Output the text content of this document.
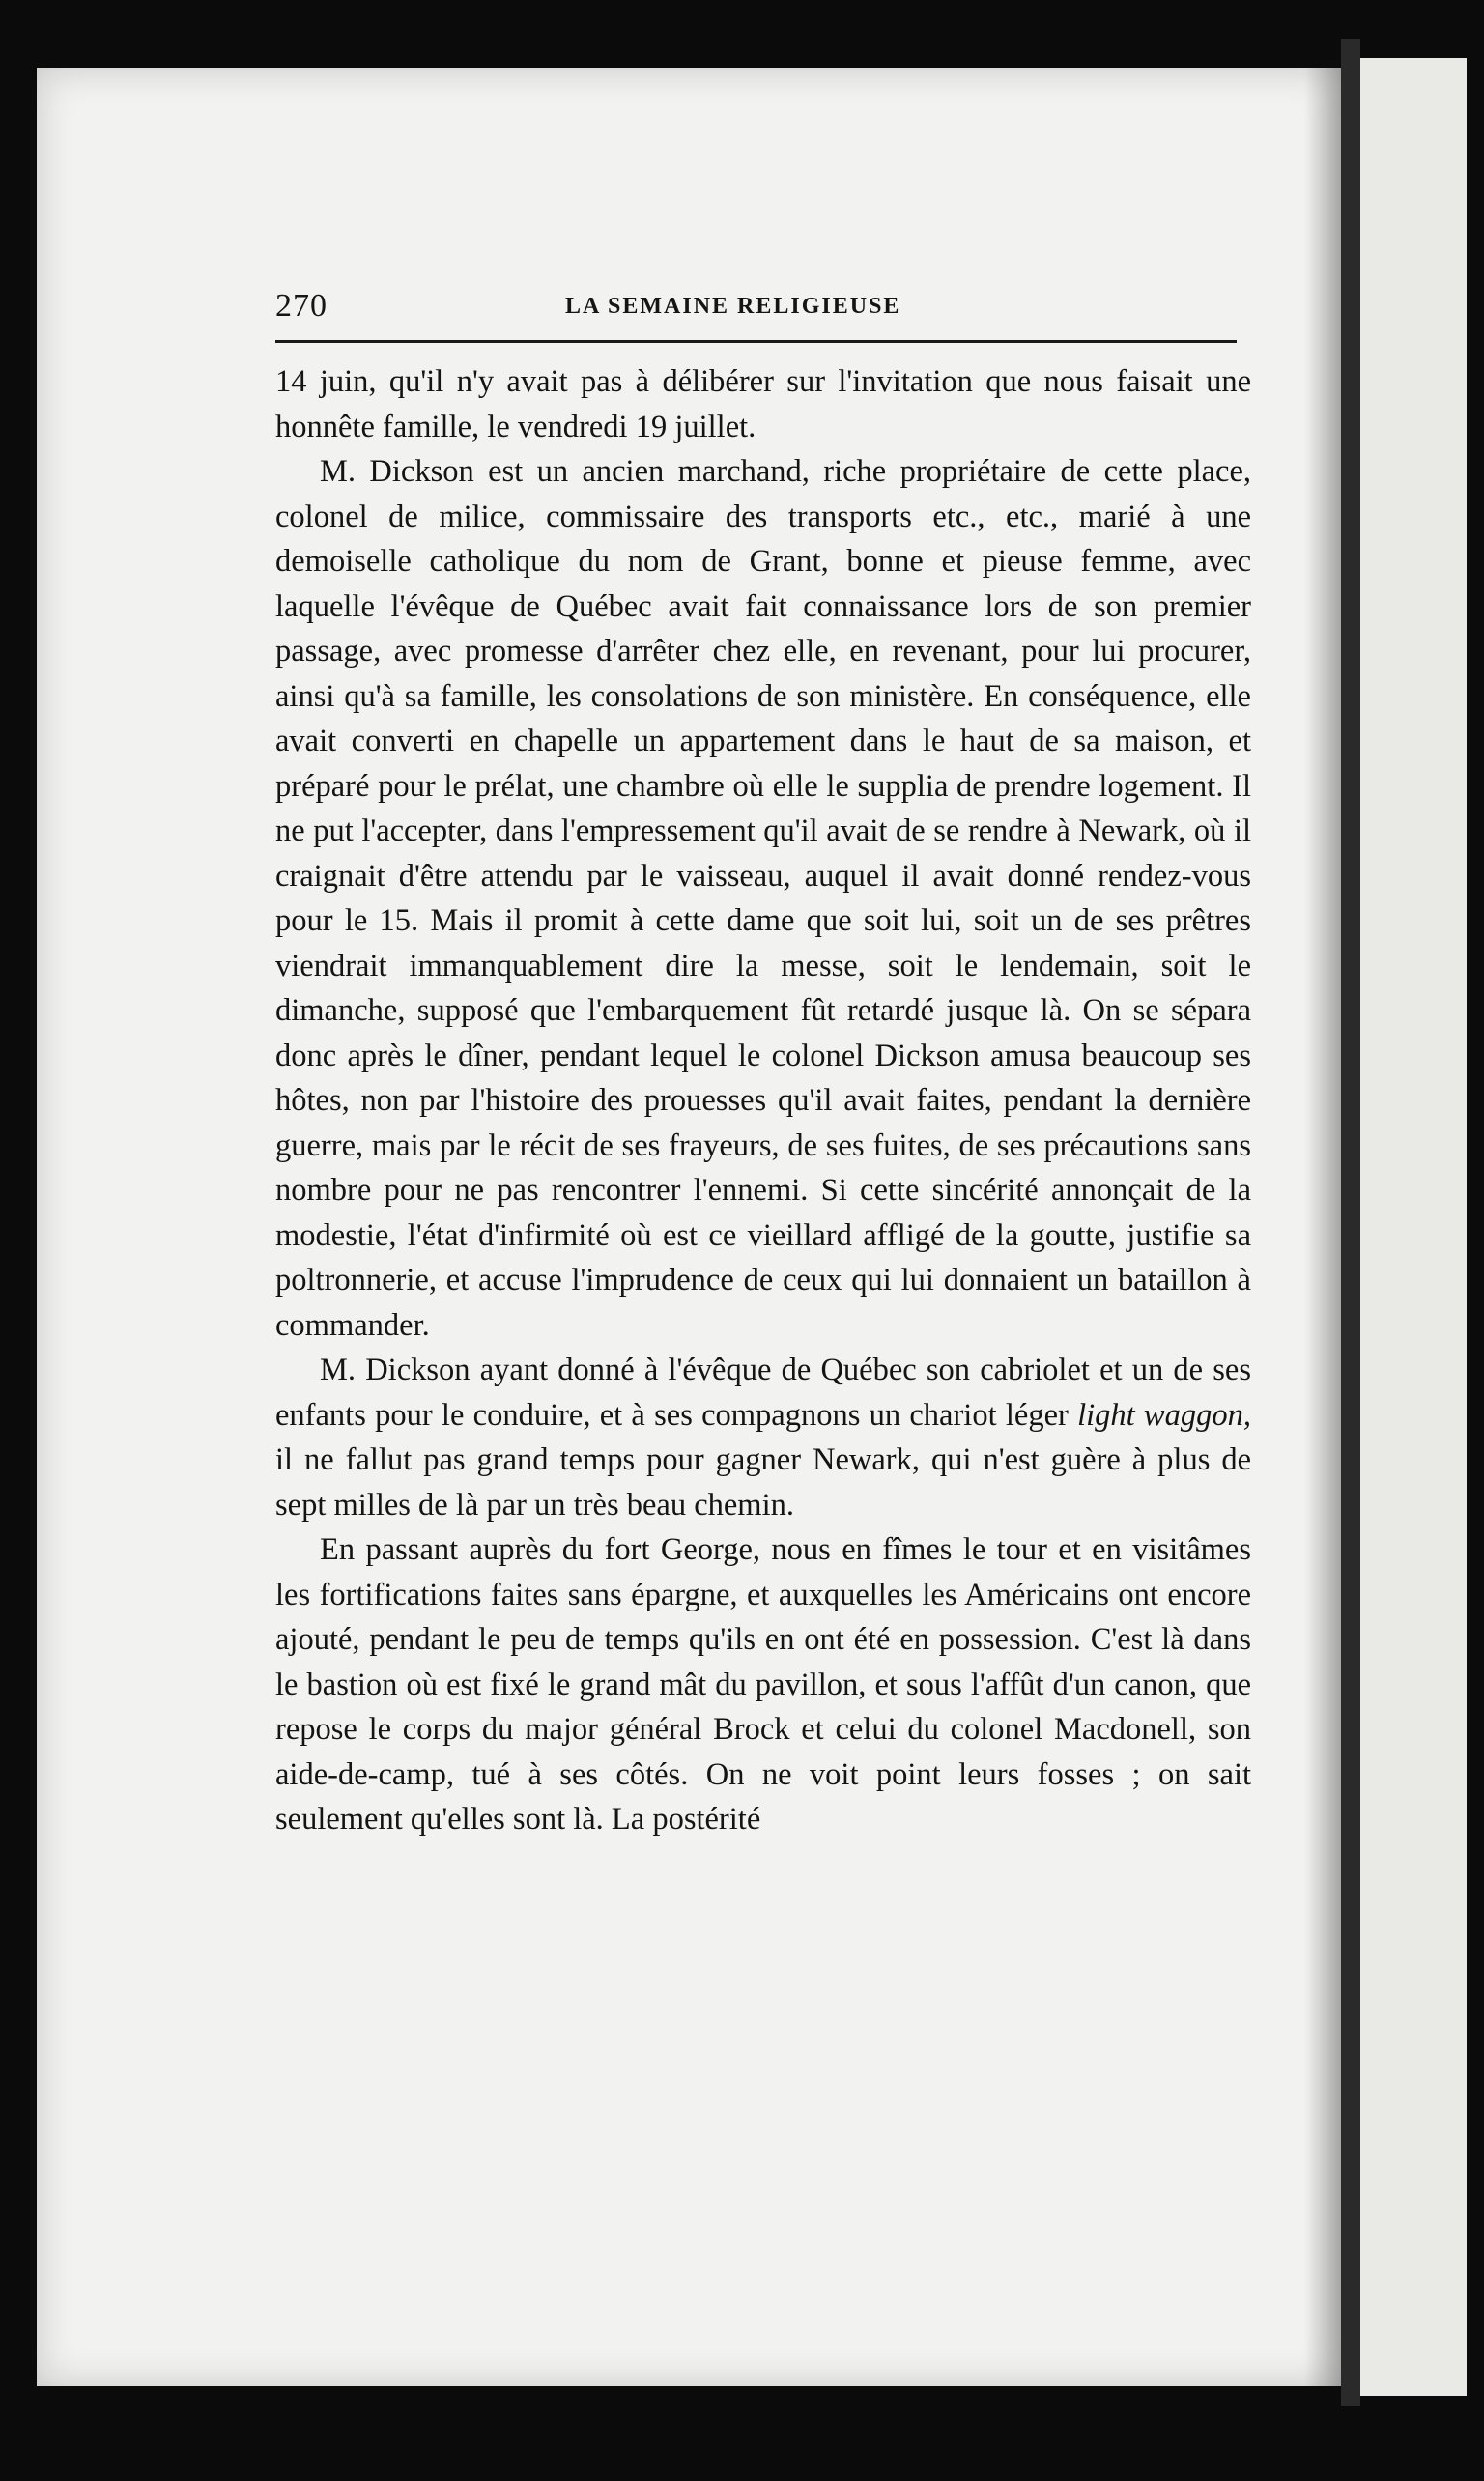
270	LA SEMAINE RELIGIEUSE

14 juin, qu'il n'y avait pas à délibérer sur l'invitation que nous faisait une honnête famille, le vendredi 19 juillet.

M. Dickson est un ancien marchand, riche propriétaire de cette place, colonel de milice, commissaire des transports etc., etc., marié à une demoiselle catholique du nom de Grant, bonne et pieuse femme, avec laquelle l'évêque de Québec avait fait connaissance lors de son premier passage, avec promesse d'arrêter chez elle, en revenant, pour lui procurer, ainsi qu'à sa famille, les consolations de son ministère. En conséquence, elle avait converti en chapelle un appartement dans le haut de sa maison, et préparé pour le prélat, une chambre où elle le supplia de prendre logement. Il ne put l'accepter, dans l'empressement qu'il avait de se rendre à Newark, où il craignait d'être attendu par le vaisseau, auquel il avait donné rendez-vous pour le 15. Mais il promit à cette dame que soit lui, soit un de ses prêtres viendrait immanquablement dire la messe, soit le lendemain, soit le dimanche, supposé que l'embarquement fût retardé jusque là. On se sépara donc après le dîner, pendant lequel le colonel Dickson amusa beaucoup ses hôtes, non par l'histoire des prouesses qu'il avait faites, pendant la dernière guerre, mais par le récit de ses frayeurs, de ses fuites, de ses précautions sans nombre pour ne pas rencontrer l'ennemi. Si cette sincérité annonçait de la modestie, l'état d'infirmité où est ce vieillard affligé de la goutte, justifie sa poltronnerie, et accuse l'imprudence de ceux qui lui donnaient un bataillon à commander.

M. Dickson ayant donné à l'évêque de Québec son cabriolet et un de ses enfants pour le conduire, et à ses compagnons un chariot léger light waggon, il ne fallut pas grand temps pour gagner Newark, qui n'est guère à plus de sept milles de là par un très beau chemin.

En passant auprès du fort George, nous en fîmes le tour et en visitâmes les fortifications faites sans épargne, et auxquelles les Américains ont encore ajouté, pendant le peu de temps qu'ils en ont été en possession. C'est là dans le bastion où est fixé le grand mât du pavillon, et sous l'affût d'un canon, que repose le corps du major général Brock et celui du colonel Macdonell, son aide-de-camp, tué à ses côtés. On ne voit point leurs fosses ; on sait seulement qu'elles sont là. La postérité
